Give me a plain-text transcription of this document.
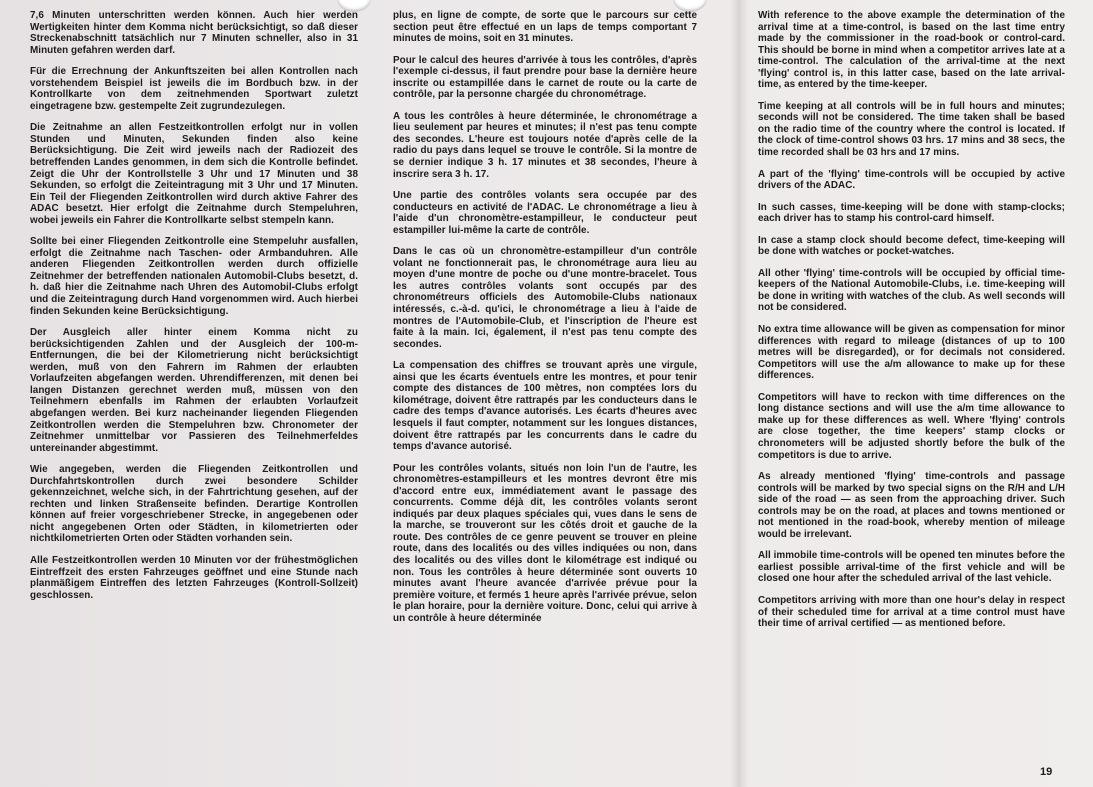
7,6 Minuten unterschritten werden können. Auch hier werden Wertigkeiten hinter dem Komma nicht berücksichtigt, so daß dieser Streckenabschnitt tatsächlich nur 7 Minuten schneller, also in 31 Minuten gefahren werden darf.

Für die Errechnung der Ankunftszeiten bei allen Kontrollen nach vorstehendem Beispiel ist jeweils die im Bordbuch bzw. in der Kontrollkarte von dem zeitnehmenden Sportwart zuletzt eingetragene bzw. gestempelte Zeit zugrundezulegen.

Die Zeitnahme an allen Festzeitkontrollen erfolgt nur in vollen Stunden und Minuten, Sekunden finden also keine Berücksichtigung. Die Zeit wird jeweils nach der Radiozeit des betreffenden Landes genommen, in dem sich die Kontrolle befindet. Zeigt die Uhr der Kontrollstelle 3 Uhr und 17 Minuten und 38 Sekunden, so erfolgt die Zeiteintragung mit 3 Uhr und 17 Minuten. Ein Teil der Fliegenden Zeitkontrollen wird durch aktive Fahrer des ADAC besetzt. Hier erfolgt die Zeitnahme durch Stempeluhren, wobei jeweils ein Fahrer die Kontrollkarte selbst stempeln kann.

Sollte bei einer Fliegenden Zeitkontrolle eine Stempeluhr ausfallen, erfolgt die Zeitnahme nach Taschen- oder Armbanduhren. Alle anderen Fliegenden Zeitkontrollen werden durch offizielle Zeitnehmer der betreffenden nationalen Automobil-Clubs besetzt, d. h. daß hier die Zeitnahme nach Uhren des Automobil-Clubs erfolgt und die Zeiteintragung durch Hand vorgenommen wird. Auch hierbei finden Sekunden keine Berücksichtigung.

Der Ausgleich aller hinter einem Komma nicht zu berücksichtigenden Zahlen und der Ausgleich der 100-m-Entfernungen, die bei der Kilometrierung nicht berücksichtigt werden, muß von den Fahrern im Rahmen der erlaubten Vorlaufzeiten abgefangen werden. Uhrendifferenzen, mit denen bei langen Distanzen gerechnet werden muß, müssen von den Teilnehmern ebenfalls im Rahmen der erlaubten Vorlaufzeit abgefangen werden. Bei kurz nacheinander liegenden Fliegenden Zeitkontrollen werden die Stempeluhren bzw. Chronometer der Zeitnehmer unmittelbar vor Passieren des Teilnehmerfeldes untereinander abgestimmt.

Wie angegeben, werden die Fliegenden Zeitkontrollen und Durchfahrtskontrollen durch zwei besondere Schilder gekennzeichnet, welche sich, in der Fahrtrichtung gesehen, auf der rechten und linken Straßenseite befinden. Derartige Kontrollen können auf freier vorgeschriebener Strecke, in angegebenen oder nicht angegebenen Orten oder Städten, in kilometrierten oder nichtkilometrierten Orten oder Städten vorhanden sein.

Alle Festzeitkontrollen werden 10 Minuten vor der frühestmöglichen Eintreffzeit des ersten Fahrzeuges geöffnet und eine Stunde nach planmäßigem Eintreffen des letzten Fahrzeuges (Kontroll-Sollzeit) geschlossen.

plus, en ligne de compte, de sorte que le parcours sur cette section peut être effectué en un laps de temps comportant 7 minutes de moins, soit en 31 minutes.

Pour le calcul des heures d'arrivée à tous les contrôles, d'après l'exemple ci-dessus, il faut prendre pour base la dernière heure inscrite ou estampillée dans le carnet de route ou la carte de contrôle, par la personne chargée du chronométrage.

A tous les contrôles à heure déterminée, le chronométrage a lieu seulement par heures et minutes; il n'est pas tenu compte des secondes. L'heure est toujours notée d'après celle de la radio du pays dans lequel se trouve le contrôle. Si la montre de se dernier indique 3 h. 17 minutes et 38 secondes, l'heure à inscrire sera 3 h. 17.

Une partie des contrôles volants sera occupée par des conducteurs en activité de l'ADAC. Le chronométrage a lieu à l'aide d'un chronomètre-estampilleur, le conducteur peut estampiller lui-même la carte de contrôle.

Dans le cas où un chronomètre-estampilleur d'un contrôle volant ne fonctionnerait pas, le chronométrage aura lieu au moyen d'une montre de poche ou d'une montre-bracelet. Tous les autres contrôles volants sont occupés par des chronométreurs officiels des Automobile-Clubs nationaux intéressés, c.-à-d. qu'ici, le chronométrage a lieu à l'aide de montres de l'Automobile-Club, et l'inscription de l'heure est faite à la main. Ici, également, il n'est pas tenu compte des secondes.

La compensation des chiffres se trouvant après une virgule, ainsi que les écarts éventuels entre les montres, et pour tenir compte des distances de 100 mètres, non comptées lors du kilométrage, doivent être rattrapés par les conducteurs dans le cadre des temps d'avance autorisés. Les écarts d'heures avec lesquels il faut compter, notamment sur les longues distances, doivent être rattrapés par les concurrents dans le cadre du temps d'avance autorisé.

Pour les contrôles volants, situés non loin l'un de l'autre, les chronomètres-estampilleurs et les montres devront être mis d'accord entre eux, immédiatement avant le passage des concurrents. Comme déjà dit, les contrôles volants seront indiqués par deux plaques spéciales qui, vues dans le sens de la marche, se trouveront sur les côtés droit et gauche de la route. Des contrôles de ce genre peuvent se trouver en pleine route, dans des localités ou des villes indiquées ou non, dans des localités ou des villes dont le kilométrage est indiqué ou non. Tous les contrôles à heure déterminée sont ouverts 10 minutes avant l'heure avancée d'arrivée prévue pour la première voiture, et fermés 1 heure après l'arrivée prévue, selon le plan horaire, pour la dernière voiture. Donc, celui qui arrive à un contrôle à heure déterminée

With reference to the above example the determination of the arrival time at a time-control, is based on the last time entry made by the commissioner in the road-book or control-card. This should be borne in mind when a competitor arrives late at a time-control. The calculation of the arrival-time at the next 'flying' control is, in this latter case, based on the late arrival-time, as entered by the time-keeper.

Time keeping at all controls will be in full hours and minutes; seconds will not be considered. The time taken shall be based on the radio time of the country where the control is located. If the clock of time-control shows 03 hrs. 17 mins and 38 secs, the time recorded shall be 03 hrs and 17 mins.

A part of the 'flying' time-controls will be occupied by active drivers of the ADAC.

In such casses, time-keeping will be done with stamp-clocks; each driver has to stamp his control-card himself.

In case a stamp clock should become defect, time-keeping will be done with watches or pocket-watches.

All other 'flying' time-controls will be occupied by official time-keepers of the National Automobile-Clubs, i.e. time-keeping will be done in writing with watches of the club. As well seconds will not be considered.

No extra time allowance will be given as compensation for minor differences with regard to mileage (distances of up to 100 metres will be disregarded), or for decimals not considered. Competitors will use the a/m allowance to make up for these differences.

Competitors will have to reckon with time differences on the long distance sections and will use the a/m time allowance to make up for these differences as well. Where 'flying' controls are close together, the time keepers' stamp clocks or chronometers will be adjusted shortly before the bulk of the competitors is due to arrive.

As already mentioned 'flying' time-controls and passage controls will be marked by two special signs on the R/H and L/H side of the road — as seen from the approaching driver. Such controls may be on the road, at places and towns mentioned or not mentioned in the road-book, whereby mention of mileage would be irrelevant.

All immobile time-controls will be opened ten minutes before the earliest possible arrival-time of the first vehicle and will be closed one hour after the scheduled arrival of the last vehicle.

Competitors arriving with more than one hour's delay in respect of their scheduled time for arrival at a time control must have their time of arrival certified — as mentioned before.

19
